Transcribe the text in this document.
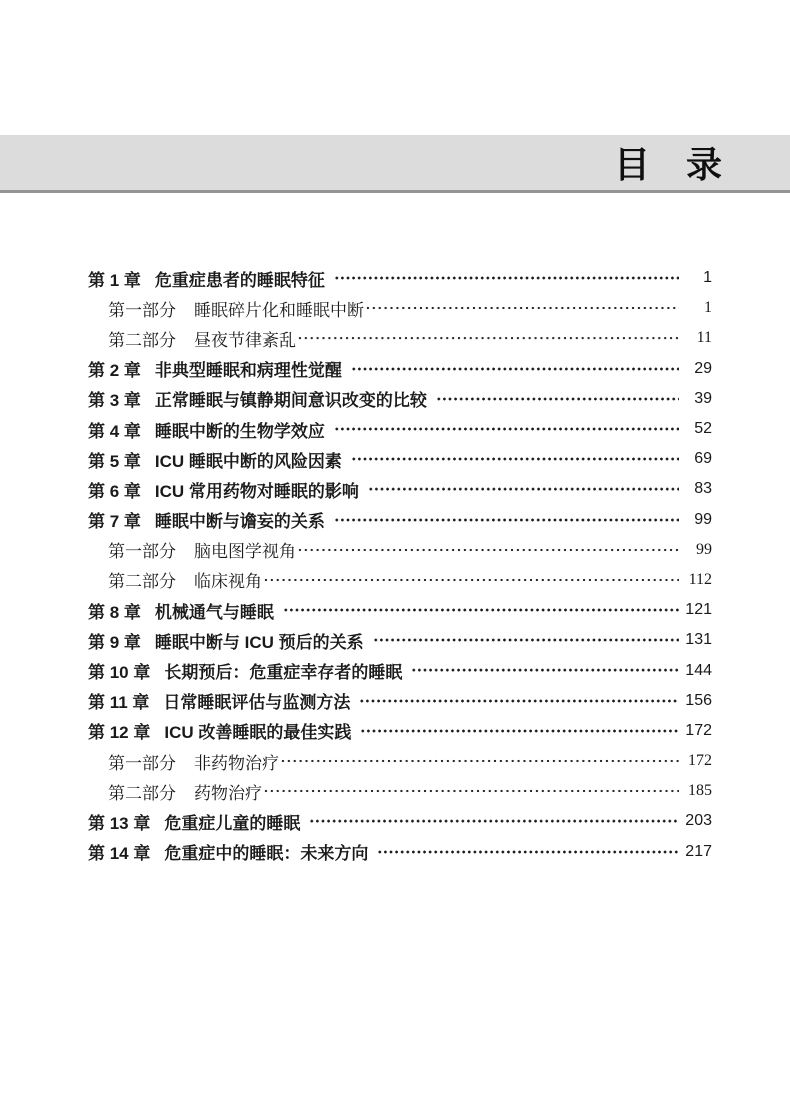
目　录
第 1 章 危重症患者的睡眠特征	1
第一部分 睡眠碎片化和睡眠中断	1
第二部分 昼夜节律紊乱	11
第 2 章 非典型睡眠和病理性觉醒	29
第 3 章 正常睡眠与镇静期间意识改变的比较	39
第 4 章 睡眠中断的生物学效应	52
第 5 章 ICU 睡眠中断的风险因素	69
第 6 章 ICU 常用药物对睡眠的影响	83
第 7 章 睡眠中断与谵妄的关系	99
第一部分 脑电图学视角	99
第二部分 临床视角	112
第 8 章 机械通气与睡眠	121
第 9 章 睡眠中断与 ICU 预后的关系	131
第 10 章 长期预后：危重症幸存者的睡眠	144
第 11 章 日常睡眠评估与监测方法	156
第 12 章 ICU 改善睡眠的最佳实践	172
第一部分 非药物治疗	172
第二部分 药物治疗	185
第 13 章 危重症儿童的睡眠	203
第 14 章 危重症中的睡眠：未来方向	217
